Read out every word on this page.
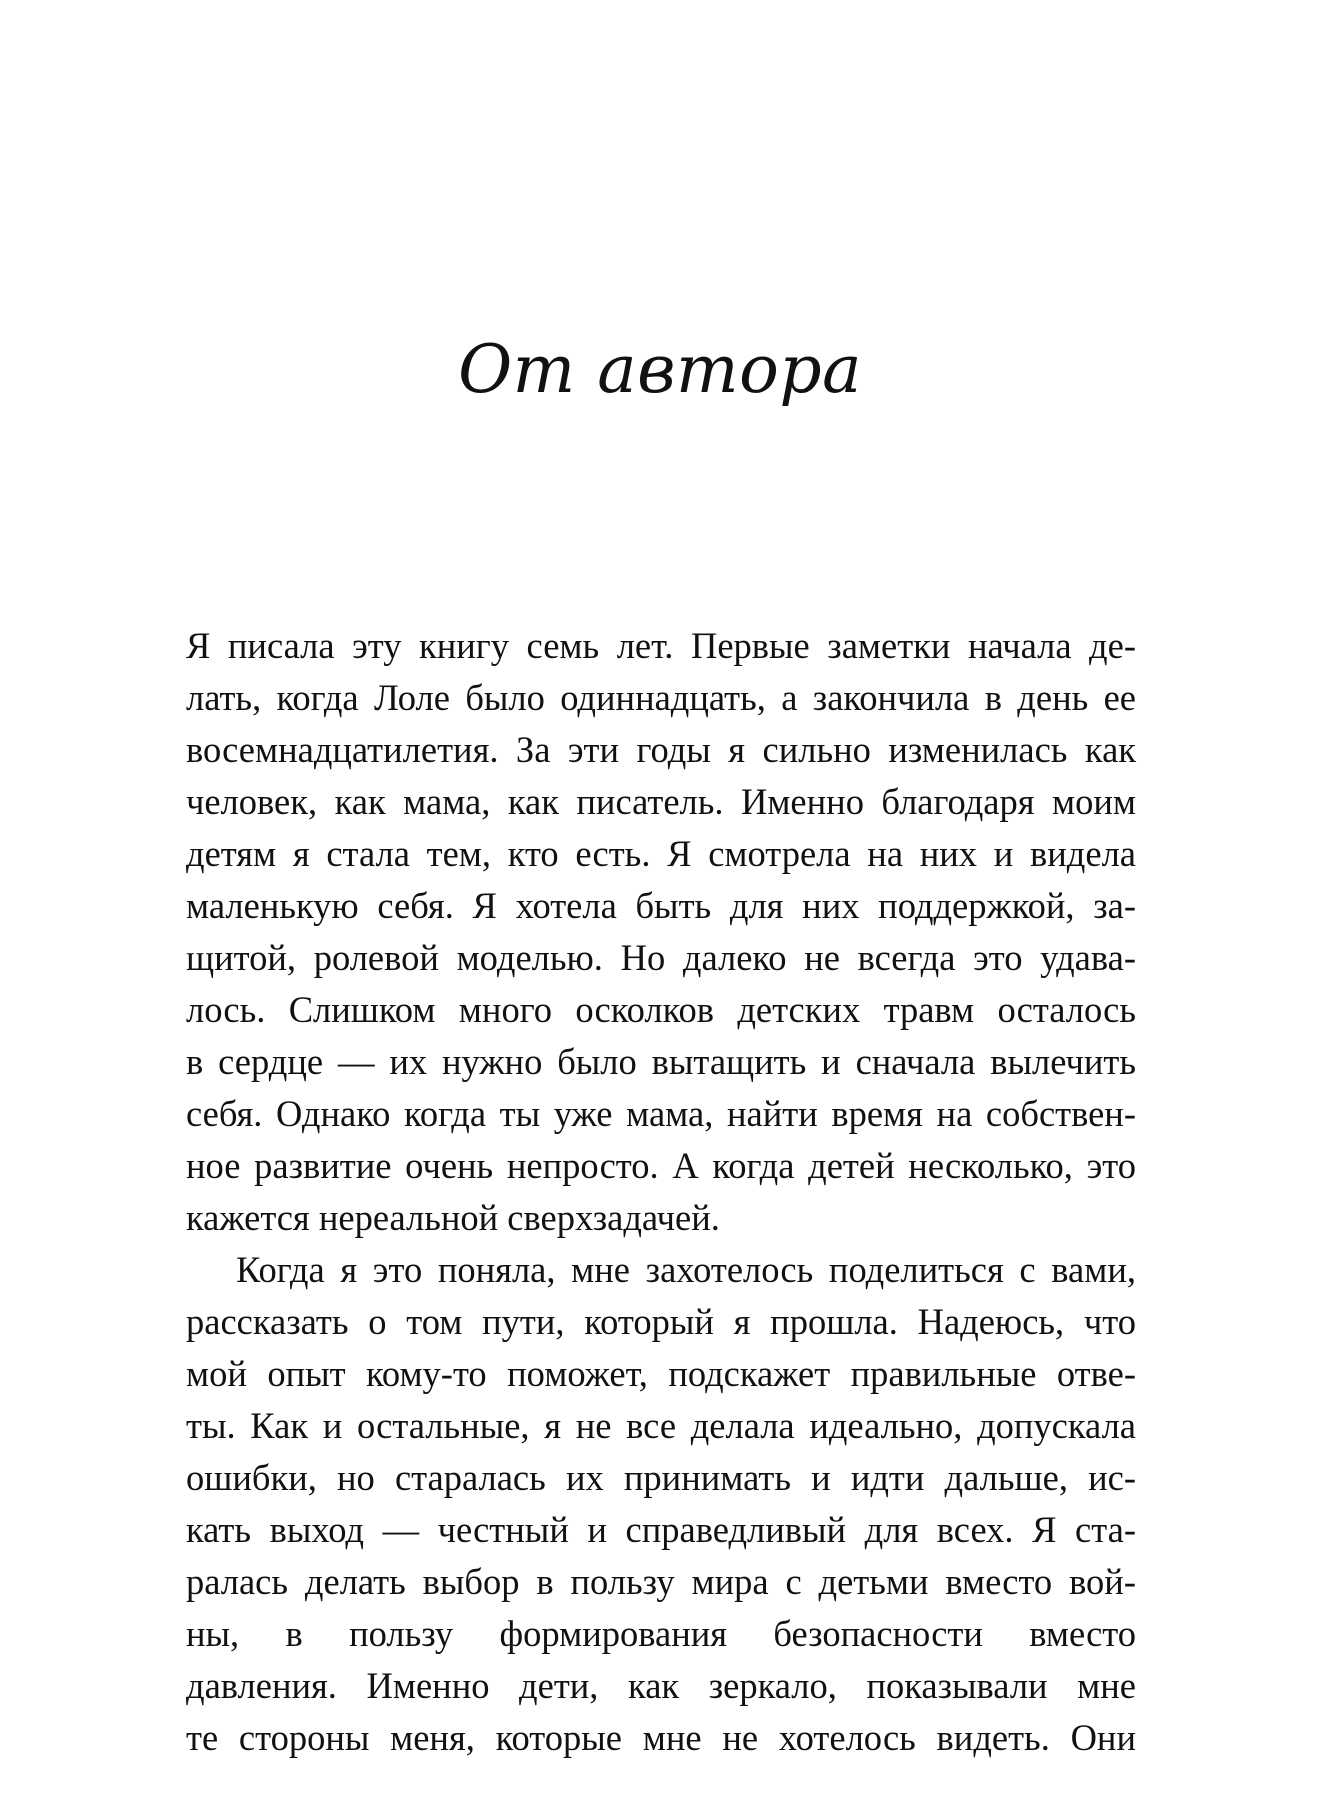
От автора
Я писала эту книгу семь лет. Первые заметки начала де-
лать, когда Лоле было одиннадцать, а закончила в день ее
восемнадцатилетия. За эти годы я сильно изменилась как
человек, как мама, как писатель. Именно благодаря моим
детям я стала тем, кто есть. Я смотрела на них и видела
маленькую себя. Я хотела быть для них поддержкой, за-
щитой, ролевой моделью. Но далеко не всегда это удава-
лось. Слишком много осколков детских травм осталось
в сердце — их нужно было вытащить и сначала вылечить
себя. Однако когда ты уже мама, найти время на собствен-
ное развитие очень непросто. А когда детей несколько, это
кажется нереальной сверхзадачей.
Когда я это поняла, мне захотелось поделиться с вами,
рассказать о том пути, который я прошла. Надеюсь, что
мой опыт кому-то поможет, подскажет правильные отве-
ты. Как и остальные, я не все делала идеально, допускала
ошибки, но старалась их принимать и идти дальше, ис-
кать выход — честный и справедливый для всех. Я ста-
ралась делать выбор в пользу мира с детьми вместо вой-
ны, в пользу формирования безопасности вместо
давления. Именно дети, как зеркало, показывали мне
те стороны меня, которые мне не хотелось видеть. Они
